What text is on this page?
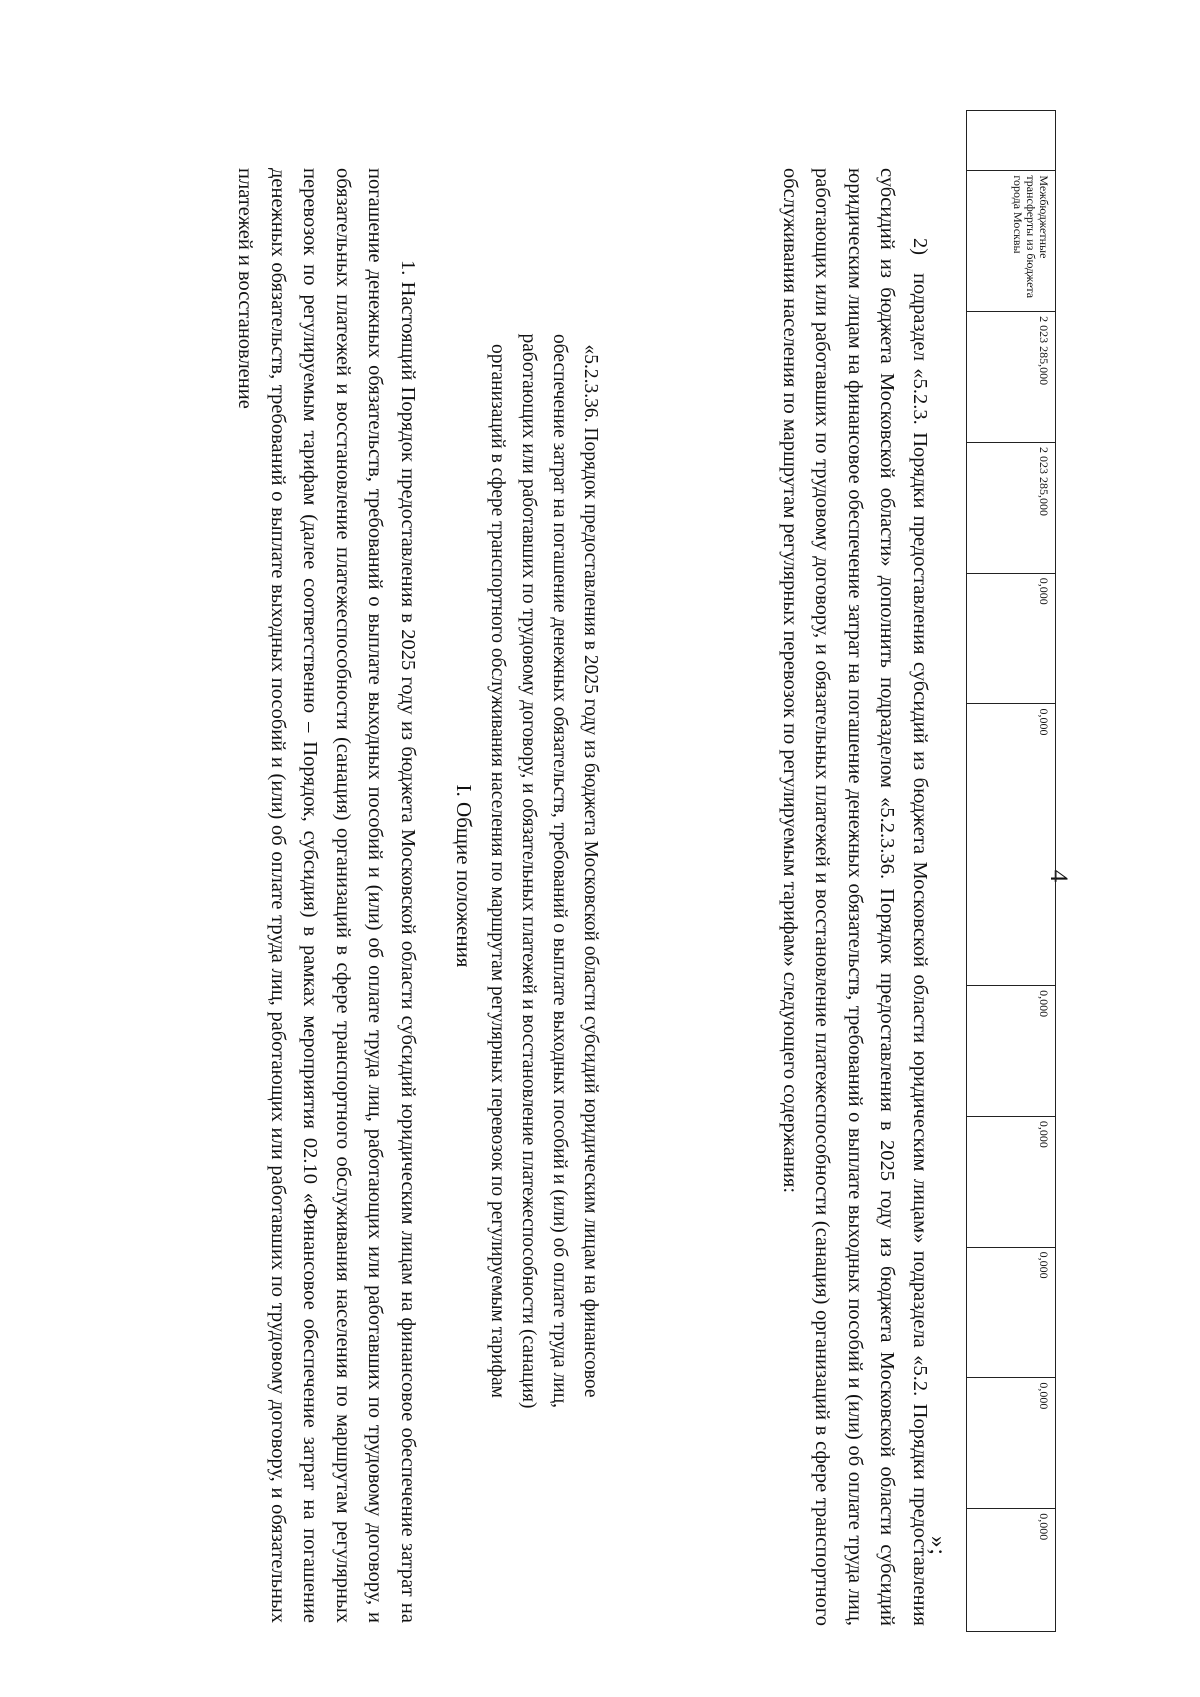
4
	Межбюджетные трансферты из бюджета города Москвы	2 023 285,000	2 023 285,000	0,000	0,000	0,000	0,000	0,000	0,000	0,000
»;
2)подраздел «5.2.3. Порядки предоставления субсидий из бюджета Московской области юридическим лицам» подраздела «5.2. Порядки предоставления субсидий из бюджета Московской области» дополнить подразделом «5.2.3.36. Порядок предоставления в 2025 году из бюджета Московской области субсидий юридическим лицам на финансовое обеспечение затрат на погашение денежных обязательств, требований о выплате выходных пособий и (или) об оплате труда лиц, работающих или работавших по трудовому договору, и обязательных платежей и восстановление платежеспособности (санация) организаций в сфере транспортного обслуживания населения по маршрутам регулярных перевозок по регулируемым тарифам» следующего содержания:
«5.2.3.36. Порядок предоставления в 2025 году из бюджета Московской области субсидий юридическим лицам на финансовое обеспечение затрат на погашение денежных обязательств, требований о выплате выходных пособий и (или) об оплате труда лиц, работающих или работавших по трудовому договору, и обязательных платежей и восстановление платежеспособности (санация) организаций в сфере транспортного обслуживания населения по маршрутам регулярных перевозок по регулируемым тарифам
I. Общие положения
1. Настоящий Порядок предоставления в 2025 году из бюджета Московской области субсидий юридическим лицам на финансовое обеспечение затрат на погашение денежных обязательств, требований о выплате выходных пособий и (или) об оплате труда лиц, работающих или работавших по трудовому договору, и обязательных платежей и восстановление платежеспособности (санация) организаций в сфере транспортного обслуживания населения по маршрутам регулярных перевозок по регулируемым тарифам (далее соответственно – Порядок, субсидия) в рамках мероприятия 02.10 «Финансовое обеспечение затрат на погашение денежных обязательств, требований о выплате выходных пособий и (или) об оплате труда лиц, работающих или работавших по трудовому договору, и обязательных платежей и восстановление
